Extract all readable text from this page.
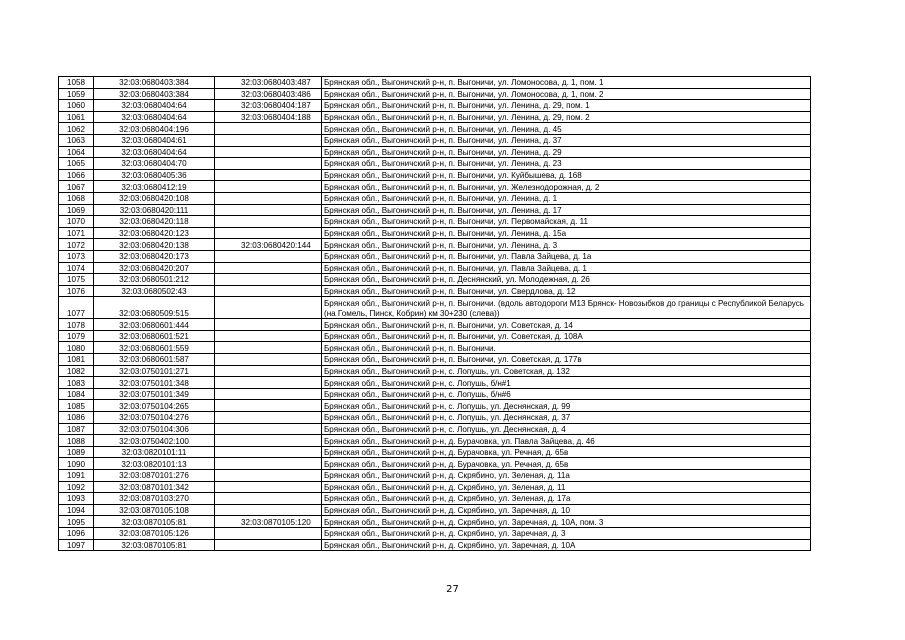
1058	32:03:0680403:384	32:03:0680403:487	Брянская обл., Выгоничский р-н, п. Выгоничи, ул. Ломоносова, д. 1, пом. 1
1059	32:03:0680403:384	32:03:0680403:486	Брянская обл., Выгоничский р-н, п. Выгоничи, ул. Ломоносова, д. 1, пом. 2
1060	32:03:0680404:64	32:03:0680404:187	Брянская обл., Выгоничский р-н, п. Выгоничи, ул. Ленина, д. 29, пом. 1
1061	32:03:0680404:64	32:03:0680404:188	Брянская обл., Выгоничский р-н, п. Выгоничи, ул. Ленина, д. 29, пом. 2
1062	32:03:0680404:196		Брянская обл., Выгоничский р-н, п. Выгоничи, ул. Ленина, д. 45
1063	32:03:0680404:61		Брянская обл., Выгоничский р-н, п. Выгоничи, ул. Ленина, д. 37
1064	32:03:0680404:64		Брянская обл., Выгоничский р-н, п. Выгоничи, ул. Ленина, д. 29
1065	32:03:0680404:70		Брянская обл., Выгоничский р-н, п. Выгоничи, ул. Ленина, д. 23
1066	32:03:0680405:36		Брянская обл., Выгоничский р-н, п. Выгоничи, ул. Куйбышева, д. 168
1067	32:03:0680412:19		Брянская обл., Выгоничский р-н, п. Выгоничи, ул. Железнодорожная, д. 2
1068	32:03:0680420:108		Брянская обл., Выгоничский р-н, п. Выгоничи, ул. Ленина, д. 1
1069	32:03:0680420:111		Брянская обл., Выгоничский р-н, п. Выгоничи, ул. Ленина, д. 17
1070	32:03:0680420:118		Брянская обл., Выгоничский р-н, п. Выгоничи, ул. Первомайская, д. 11
1071	32:03:0680420:123		Брянская обл., Выгоничский р-н, п. Выгоничи, ул. Ленина, д. 15а
1072	32:03:0680420:138	32:03:0680420:144	Брянская обл., Выгоничский р-н, п. Выгоничи, ул. Ленина, д. 3
1073	32:03:0680420:173		Брянская обл., Выгоничский р-н, п. Выгоничи, ул. Павла Зайцева, д. 1а
1074	32:03:0680420:207		Брянская обл., Выгоничский р-н, п. Выгоничи, ул. Павла Зайцева, д. 1
1075	32:03:0680501:212		Брянская обл., Выгоничский р-н, п. Деснянский, ул. Молодежная, д. 26
1076	32:03:0680502:43		Брянская обл., Выгоничский р-н, п. Выгоничи, ул. Свердлова, д. 12
1077	32:03:0680509:515		Брянская обл., Выгоничский р-н, п. Выгоничи. (вдоль автодороги М13 Брянск- Новозыбков до границы с Республикой Беларусь (на Гомель, Пинск, Кобрин) км 30+230 (слева))
1078	32:03:0680601:444		Брянская обл., Выгоничский р-н, п. Выгоничи, ул. Советская, д. 14
1079	32:03:0680601:521		Брянская обл., Выгоничский р-н, п. Выгоничи, ул. Советская, д. 108А
1080	32:03:0680601:559		Брянская обл., Выгоничский р-н, п. Выгоничи.
1081	32:03:0680601:587		Брянская обл., Выгоничский р-н, п. Выгоничи, ул. Советская, д. 177в
1082	32:03:0750101:271		Брянская обл., Выгоничский р-н, с. Лопушь, ул. Советская, д. 132
1083	32:03:0750101:348		Брянская обл., Выгоничский р-н, с. Лопушь, б/н#1
1084	32:03:0750101:349		Брянская обл., Выгоничский р-н, с. Лопушь, б/н#6
1085	32:03:0750104:265		Брянская обл., Выгоничский р-н, с. Лопушь, ул. Деснянская, д. 99
1086	32:03:0750104:276		Брянская обл., Выгоничский р-н, с. Лопушь, ул. Деснянская, д. 37
1087	32:03:0750104:306		Брянская обл., Выгоничский р-н, с. Лопушь, ул. Деснянская, д. 4
1088	32:03:0750402:100		Брянская обл., Выгоничский р-н, д. Бурачовка, ул. Павла Зайцева, д. 46
1089	32:03:0820101:11		Брянская обл., Выгоничский р-н, д. Бурачовка, ул. Речная, д. 65в
1090	32:03:0820101:13		Брянская обл., Выгоничский р-н, д. Бурачовка, ул. Речная, д. 65в
1091	32:03:0870101:276		Брянская обл., Выгоничский р-н, д. Скрябино, ул. Зеленая, д. 11а
1092	32:03:0870101:342		Брянская обл., Выгоничский р-н, д. Скрябино, ул. Зеленая, д. 11
1093	32:03:0870103:270		Брянская обл., Выгоничский р-н, д. Скрябино, ул. Зеленая, д. 17а
1094	32:03:0870105:108		Брянская обл., Выгоничский р-н, д. Скрябино, ул. Заречная, д. 10
1095	32:03:0870105:81	32:03:0870105:120	Брянская обл., Выгоничский р-н, д. Скрябино, ул. Заречная, д. 10А, пом. 3
1096	32:03:0870105:126		Брянская обл., Выгоничский р-н, д. Скрябино, ул. Заречная, д. 3
1097	32:03:0870105:81		Брянская обл., Выгоничский р-н, д. Скрябино, ул. Заречная, д. 10А
27
